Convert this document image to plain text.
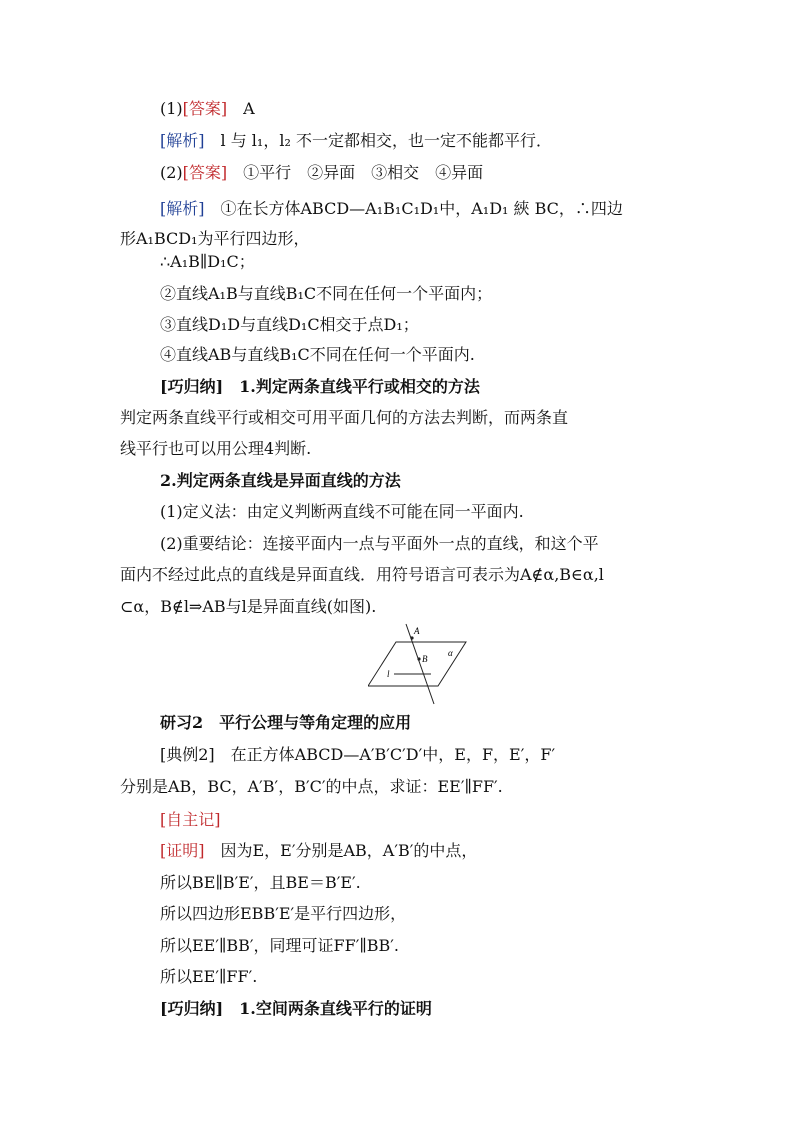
(1)[答案]　A
[解析]　l 与 l₁，l₂ 不一定都相交，也一定不能都平行．
(2)[答案]　①平行　②异面　③相交　④异面
[解析]　①在长方体ABCD—A₁B₁C₁D₁中，A₁D₁ 綊 BC，∴四边
形A₁BCD₁为平行四边形，
∴A₁B∥D₁C；
②直线A₁B与直线B₁C不同在任何一个平面内；
③直线D₁D与直线D₁C相交于点D₁；
④直线AB与直线B₁C不同在任何一个平面内.
[巧归纳]　1.判定两条直线平行或相交的方法
判定两条直线平行或相交可用平面几何的方法去判断，而两条直
线平行也可以用公理4判断.
2.判定两条直线是异面直线的方法
(1)定义法：由定义判断两直线不可能在同一平面内.
(2)重要结论：连接平面内一点与平面外一点的直线，和这个平
面内不经过此点的直线是异面直线．用符号语言可表示为A∉α,B∈α,l
⊂α，B∉l⇒AB与l是异面直线(如图).
A
B
l
α
研习2　平行公理与等角定理的应用
[典例2]　在正方体ABCD—A′B′C′D′中，E，F，E′，F′
分别是AB，BC，A′B′，B′C′的中点，求证：EE′∥FF′.
[自主记]
[证明]　因为E，E′分别是AB，A′B′的中点，
所以BE∥B′E′，且BE＝B′E′.
所以四边形EBB′E′是平行四边形，
所以EE′∥BB′，同理可证FF′∥BB′.
所以EE′∥FF′.
[巧归纳]　1.空间两条直线平行的证明
